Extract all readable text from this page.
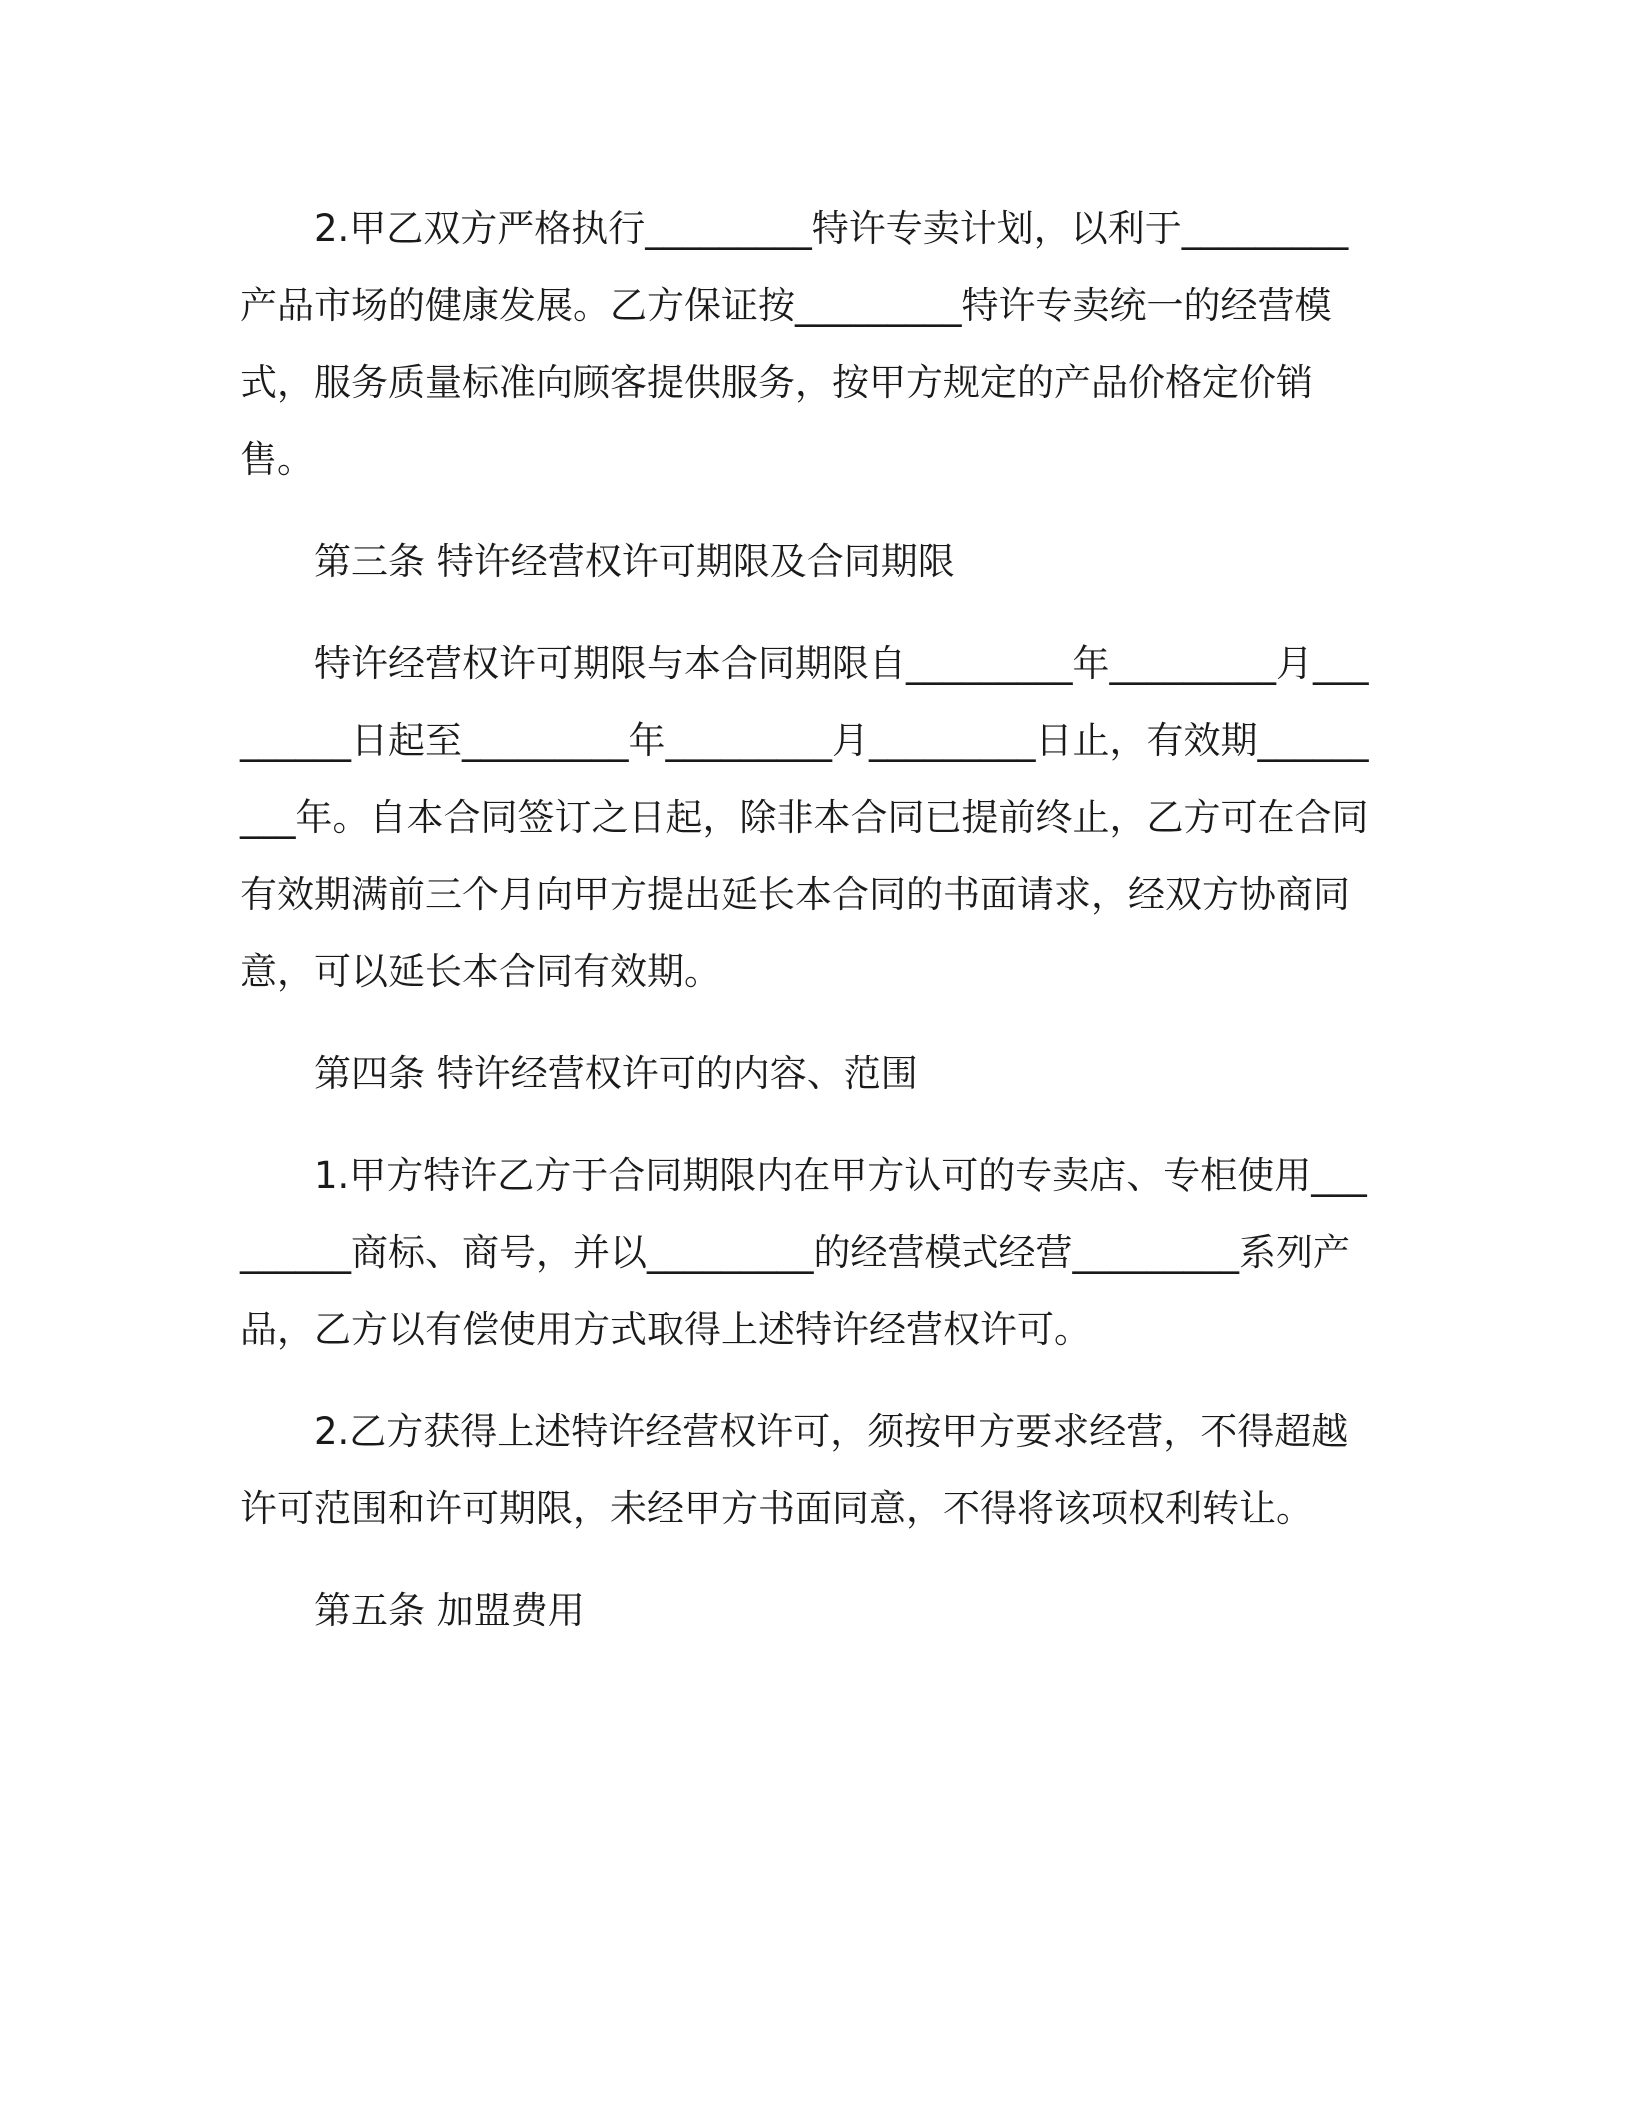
2.甲乙双方严格执行_________特许专卖计划，以利于_________产品市场的健康发展。乙方保证按_________特许专卖统一的经营模式，服务质量标准向顾客提供服务，按甲方规定的产品价格定价销售。

第三条 特许经营权许可期限及合同期限

特许经营权许可期限与本合同期限自_________年_________月_________日起至_________年_________月_________日止，有效期_________年。自本合同签订之日起，除非本合同已提前终止，乙方可在合同有效期满前三个月向甲方提出延长本合同的书面请求，经双方协商同意，可以延长本合同有效期。

第四条 特许经营权许可的内容、范围

1.甲方特许乙方于合同期限内在甲方认可的专卖店、专柜使用_________商标、商号，并以_________的经营模式经营_________系列产品，乙方以有偿使用方式取得上述特许经营权许可。

2.乙方获得上述特许经营权许可，须按甲方要求经营，不得超越许可范围和许可期限，未经甲方书面同意，不得将该项权利转让。

第五条 加盟费用
